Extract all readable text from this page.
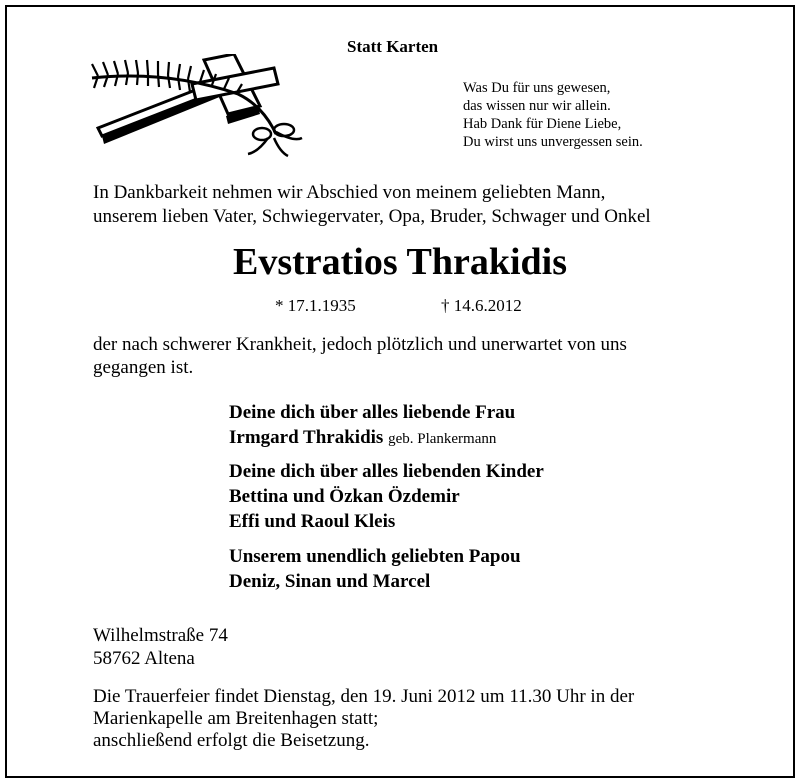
Statt Karten
Was Du für uns gewesen,
das wissen nur wir allein.
Hab Dank für Diene Liebe,
Du wirst uns unvergessen sein.
In Dankbarkeit nehmen wir Abschied von meinem geliebten Mann,
unserem lieben Vater, Schwiegervater, Opa, Bruder, Schwager und Onkel
Evstratios Thrakidis
* 17.1.1935	† 14.6.2012
der nach schwerer Krankheit, jedoch plötzlich und unerwartet von uns
gegangen ist.
Deine dich über alles liebende Frau
Irmgard Thrakidis geb. Plankermann
Deine dich über alles liebenden Kinder
Bettina und Özkan Özdemir
Effi und Raoul Kleis
Unserem unendlich geliebten Papou
Deniz, Sinan und Marcel
Wilhelmstraße 74
58762 Altena
Die Trauerfeier findet Dienstag, den 19. Juni 2012 um 11.30 Uhr in der
Marienkapelle am Breitenhagen statt;
anschließend erfolgt die Beisetzung.
